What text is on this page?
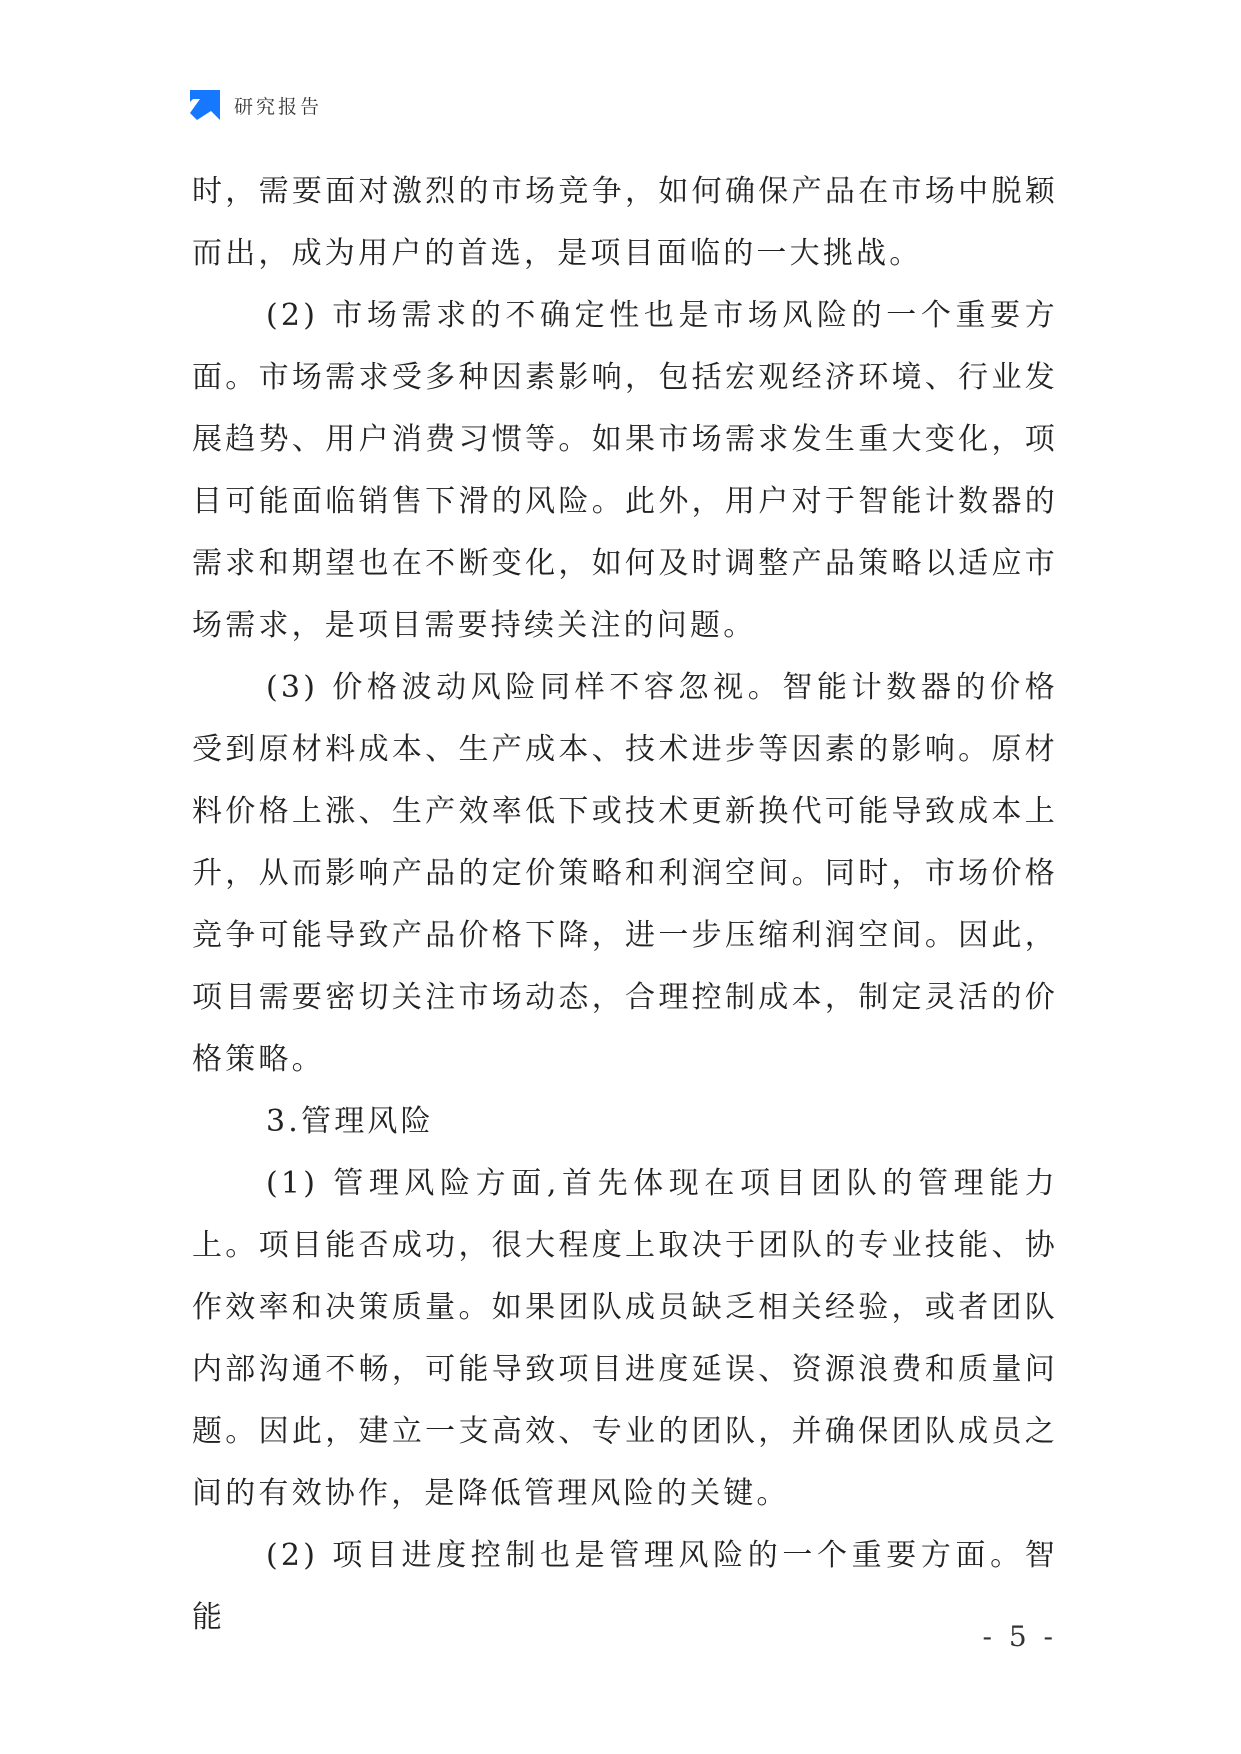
研究报告

时，需要面对激烈的市场竞争，如何确保产品在市场中脱颖而出，成为用户的首选，是项目面临的一大挑战。

(2) 市场需求的不确定性也是市场风险的一个重要方面。市场需求受多种因素影响，包括宏观经济环境、行业发展趋势、用户消费习惯等。如果市场需求发生重大变化，项目可能面临销售下滑的风险。此外，用户对于智能计数器的需求和期望也在不断变化，如何及时调整产品策略以适应市场需求，是项目需要持续关注的问题。

(3) 价格波动风险同样不容忽视。智能计数器的价格受到原材料成本、生产成本、技术进步等因素的影响。原材料价格上涨、生产效率低下或技术更新换代可能导致成本上升，从而影响产品的定价策略和利润空间。同时，市场价格竞争可能导致产品价格下降，进一步压缩利润空间。因此，项目需要密切关注市场动态，合理控制成本，制定灵活的价格策略。

3.管理风险

(1) 管理风险方面,首先体现在项目团队的管理能力上。项目能否成功，很大程度上取决于团队的专业技能、协作效率和决策质量。如果团队成员缺乏相关经验，或者团队内部沟通不畅，可能导致项目进度延误、资源浪费和质量问题。因此，建立一支高效、专业的团队，并确保团队成员之间的有效协作，是降低管理风险的关键。

(2) 项目进度控制也是管理风险的一个重要方面。智能

- 5 -
